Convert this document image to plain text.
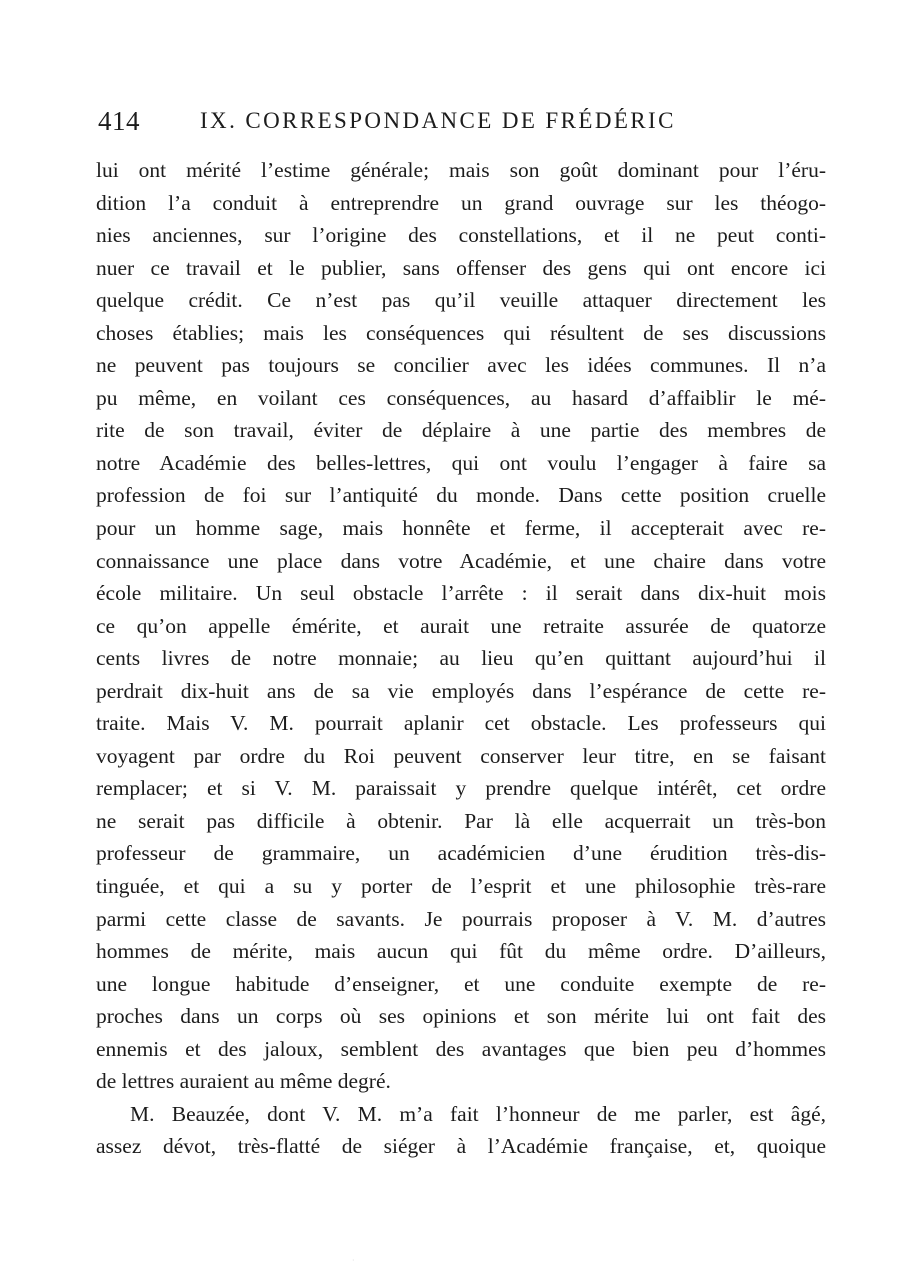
414	IX. CORRESPONDANCE DE FRÉDÉRIC
lui ont mérité l’estime générale; mais son goût dominant pour l’éru-
dition l’a conduit à entreprendre un grand ouvrage sur les théogo-
nies anciennes, sur l’origine des constellations, et il ne peut conti-
nuer ce travail et le publier, sans offenser des gens qui ont encore ici
quelque crédit. Ce n’est pas qu’il veuille attaquer directement les
choses établies; mais les conséquences qui résultent de ses discussions
ne peuvent pas toujours se concilier avec les idées communes. Il n’a
pu même, en voilant ces conséquences, au hasard d’affaiblir le mé-
rite de son travail, éviter de déplaire à une partie des membres de
notre Académie des belles-lettres, qui ont voulu l’engager à faire sa
profession de foi sur l’antiquité du monde. Dans cette position cruelle
pour un homme sage, mais honnête et ferme, il accepterait avec re-
connaissance une place dans votre Académie, et une chaire dans votre
école militaire. Un seul obstacle l’arrête : il serait dans dix-huit mois
ce qu’on appelle émérite, et aurait une retraite assurée de quatorze
cents livres de notre monnaie; au lieu qu’en quittant aujourd’hui il
perdrait dix-huit ans de sa vie employés dans l’espérance de cette re-
traite. Mais V. M. pourrait aplanir cet obstacle. Les professeurs qui
voyagent par ordre du Roi peuvent conserver leur titre, en se faisant
remplacer; et si V. M. paraissait y prendre quelque intérêt, cet ordre
ne serait pas difficile à obtenir. Par là elle acquerrait un très-bon
professeur de grammaire, un académicien d’une érudition très-dis-
tinguée, et qui a su y porter de l’esprit et une philosophie très-rare
parmi cette classe de savants. Je pourrais proposer à V. M. d’autres
hommes de mérite, mais aucun qui fût du même ordre. D’ailleurs,
une longue habitude d’enseigner, et une conduite exempte de re-
proches dans un corps où ses opinions et son mérite lui ont fait des
ennemis et des jaloux, semblent des avantages que bien peu d’hommes
de lettres auraient au même degré.
M. Beauzée, dont V. M. m’a fait l’honneur de me parler, est âgé,
assez dévot, très-flatté de siéger à l’Académie française, et, quoique
·
